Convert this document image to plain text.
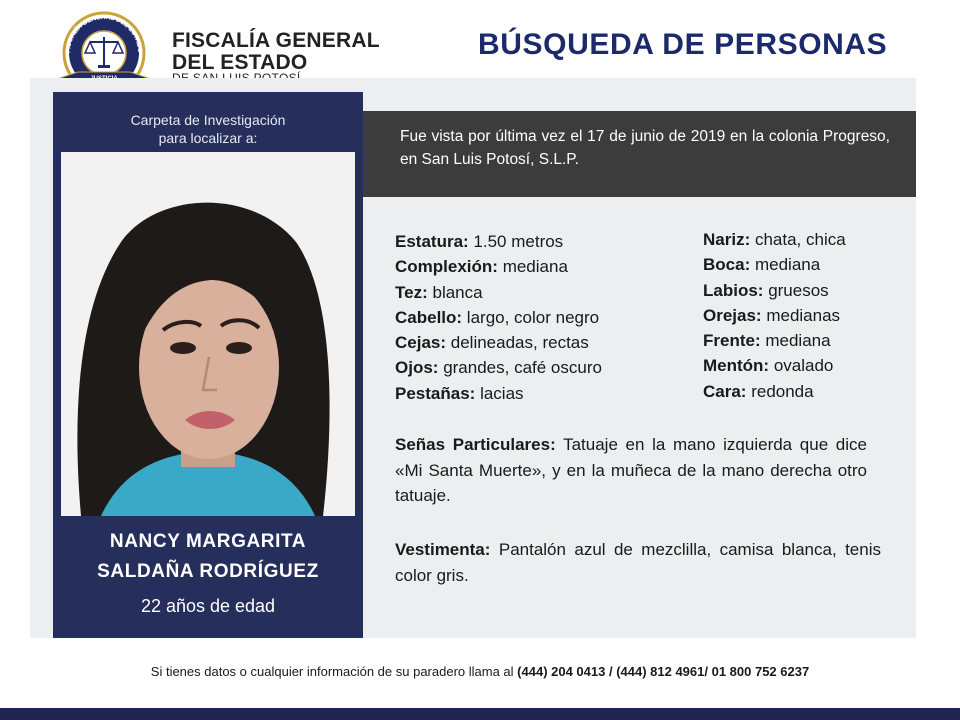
FISCALÍA GENERAL DEL ESTADO FISCALÍA GENERAL
DEL ESTADO
BÚSQUEDA DE PERSONAS
Carpeta de Investigación
para localizar a:
NANCY MARGARITA
SALDAÑA RODRÍGUEZ
22 años de edad
Fue vista por última vez el 17 de junio de 2019 en la colonia Progreso, en San Luis Potosí, S.L.P.
Estatura: 1.50 metros
Complexión: mediana
Tez: blanca
Cabello: largo, color negro
Cejas: delineadas, rectas
Ojos: grandes, café oscuro
Pestañas: lacias
Nariz: chata, chica
Boca: mediana
Labios: gruesos
Orejas: medianas
Frente: mediana
Mentón: ovalado
Cara: redonda
Señas Particulares: Tatuaje en la mano izquierda que dice «Mi Santa Muerte», y en la muñeca de la mano derecha otro tatuaje.
Vestimenta: Pantalón azul de mezclilla, camisa blanca, tenis color gris.
Si tienes datos o cualquier información de su paradero llama al (444) 204 0413 / (444) 812 4961/ 01 800 752 6237
